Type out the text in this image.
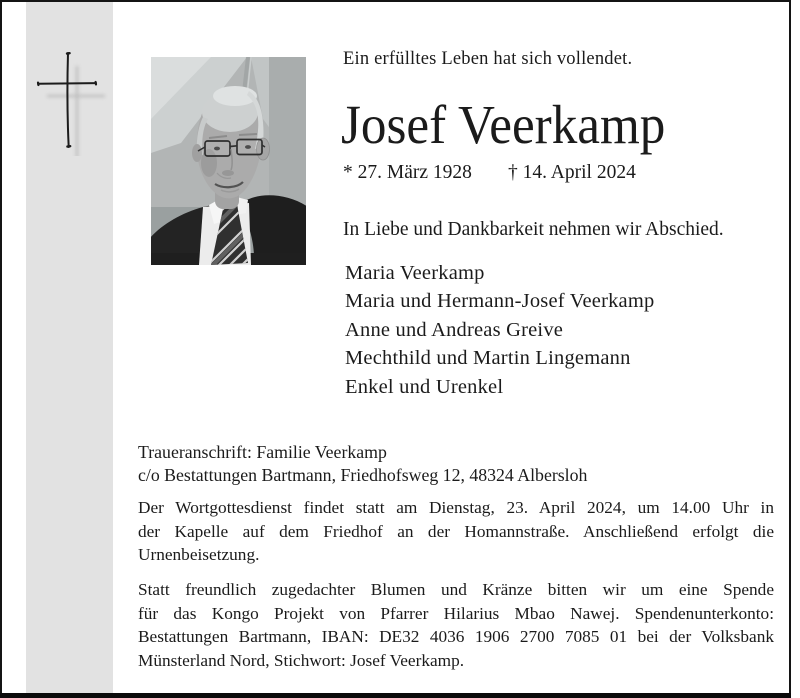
Ein erfülltes Leben hat sich vollendet.
Josef Veerkamp
* 27. März 1928 † 14. April 2024
In Liebe und Dankbarkeit nehmen wir Abschied.
Maria Veerkamp
Maria und Hermann-Josef Veerkamp
Anne und Andreas Greive
Mechthild und Martin Lingemann
Enkel und Urenkel
Traueranschrift: Familie Veerkamp
c/o Bestattungen Bartmann, Friedhofsweg 12, 48324 Albersloh
Der Wortgottesdienst findet statt am Dienstag, 23. April 2024, um 14.00 Uhr in
der Kapelle auf dem Friedhof an der Homannstraße. Anschließend erfolgt die
Urnenbeisetzung.
Statt freundlich zugedachter Blumen und Kränze bitten wir um eine Spende
für das Kongo Projekt von Pfarrer Hilarius Mbao Nawej. Spendenunterkonto:
Bestattungen Bartmann, IBAN: DE32 4036 1906 2700 7085 01 bei der Volksbank
Münsterland Nord, Stichwort: Josef Veerkamp.
